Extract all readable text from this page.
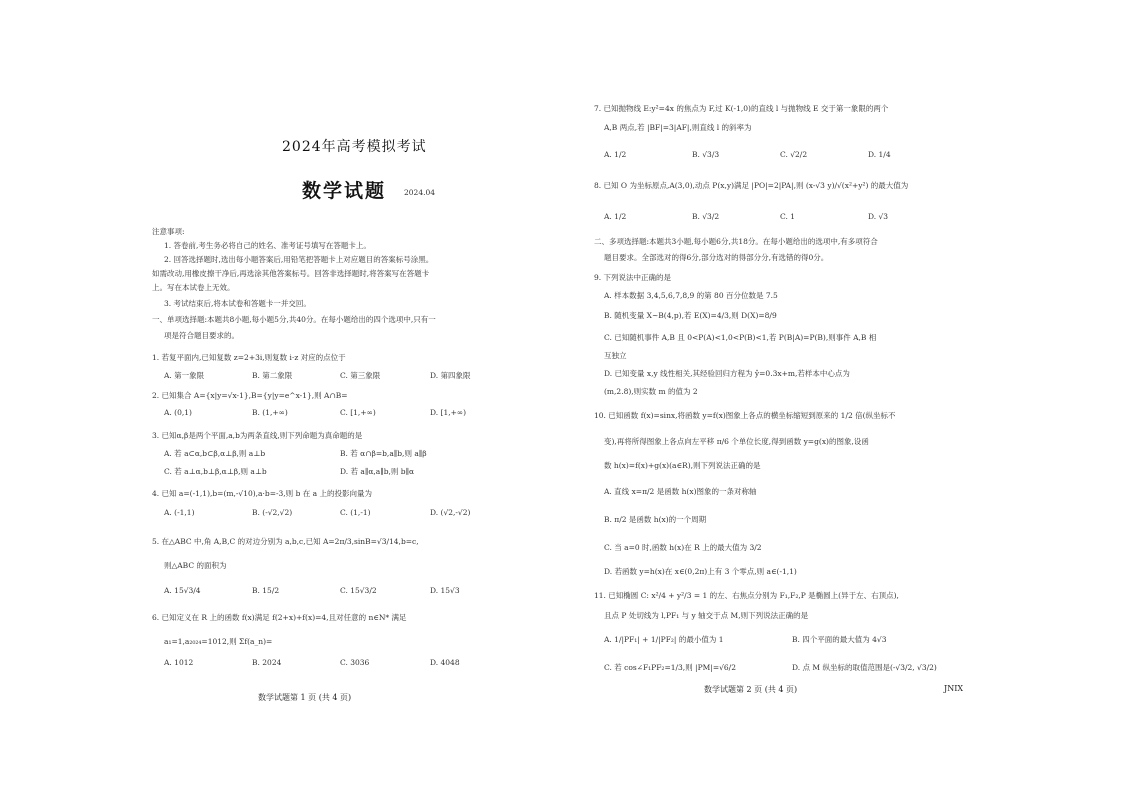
2024年高考模拟考试
数学试题 2024.04
注意事项:
1. 答卷前,考生务必将自己的姓名、准考证号填写在答题卡上。
2. 回答选择题时,选出每小题答案后,用铅笔把答题卡上对应题目的答案标号涂黑。
如需改动,用橡皮擦干净后,再选涂其他答案标号。回答非选择题时,将答案写在答题卡
上。写在本试卷上无效。
3. 考试结束后,将本试卷和答题卡一并交回。
一、单项选择题:本题共8小题,每小题5分,共40分。在每小题给出的四个选项中,只有一
项是符合题目要求的。
1. 若复平面内,已知复数 z=2+3i,则复数 i·z 对应的点位于
A. 第一象限	B. 第二象限	C. 第三象限	D. 第四象限
2. 已知集合 A={x|y=√x-1},B={y|y=e^x-1},则 A∩B=
A. (0,1)	B. (1,+∞)	C. [1,+∞)	D. [1,+∞)
3. 已知α,β是两个平面,a,b为两条直线,则下列命题为真命题的是
A. 若 a⊂α,b⊂β,α⊥β,则 a⊥b	B. 若 α∩β=b,a∥b,则 a∥β
C. 若 a⊥α,b⊥β,α⊥β,则 a⊥b	D. 若 a∥α,a∥b,则 b∥α
4. 已知 a=(-1,1),b=(m,-√10),a·b=-3,则 b 在 a 上的投影向量为
A. (-1,1)	B. (-√2,√2)	C. (1,-1)	D. (√2,-√2)
5. 在△ABC 中,角 A,B,C 的对边分别为 a,b,c,已知 A=2π/3,sinB=√3/14,b=c,
则△ABC 的面积为
A. 15√3/4	B. 15/2	C. 15√3/2	D. 15√3
6. 已知定义在 R 上的函数 f(x)满足 f(2+x)+f(x)=4,且对任意的 n∈N* 满足
a₁=1,a₂₀₂₄=1012,则 Σf(a_n)=
A. 1012	B. 2024	C. 3036	D. 4048
数学试题第 1 页 (共 4 页)
7. 已知抛物线 E:y²=4x 的焦点为 F,过 K(-1,0)的直线 l 与抛物线 E 交于第一象限的两个
A,B 两点,若 |BF|=3|AF|,则直线 l 的斜率为
A. 1/2	B. √3/3	C. √2/2	D. 1/4
8. 已知 O 为坐标原点,A(3,0),动点 P(x,y)满足 |PO|=2|PA|,则 (x-√3 y)/√(x²+y²) 的最大值为
A. 1/2	B. √3/2	C. 1	D. √3
二、多项选择题:本题共3小题,每小题6分,共18分。在每小题给出的选项中,有多项符合
题目要求。全部选对的得6分,部分选对的得部分分,有选错的得0分。
9. 下列说法中正确的是
A. 样本数据 3,4,5,6,7,8,9 的第 80 百分位数是 7.5
B. 随机变量 X~B(4,p),若 E(X)=4/3,则 D(X)=8/9
C. 已知随机事件 A,B 且 0<P(A)<1,0<P(B)<1,若 P(B|A)=P(B),则事件 A,B 相
互独立
D. 已知变量 x,y 线性相关,其经验回归方程为 ŷ=0.3x+m,若样本中心点为
(m,2.8),则实数 m 的值为 2
10. 已知函数 f(x)=sinx,将函数 y=f(x)图象上各点的横坐标缩短到原来的 1/2 倍(纵坐标不
变),再将所得图象上各点向左平移 π/6 个单位长度,得到函数 y=g(x)的图象,设函
数 h(x)=f(x)+g(x)(a∈R),则下列说法正确的是
A. 直线 x=π/2 是函数 h(x)图象的一条对称轴
B. π/2 是函数 h(x)的一个周期
C. 当 a=0 时,函数 h(x)在 R 上的最大值为 3/2
D. 若函数 y=h(x)在 x∈(0,2π)上有 3 个零点,则 a∈(-1,1)
11. 已知椭圆 C: x²/4 + y²/3 = 1 的左、右焦点分别为 F₁,F₂,P 是椭圆上(异于左、右顶点),
且点 P 处切线为 l,PF₁ 与 y 轴交于点 M,则下列说法正确的是
A. 1/|PF₁| + 1/|PF₂| 的最小值为 1	B. 四个平面的最大值为 4√3
C. 若 cos∠F₁PF₂=1/3,则 |PM|=√6/2	D. 点 M 纵坐标的取值范围是(-√3/2, √3/2)
数学试题第 2 页 (共 4 页)	JNIX
